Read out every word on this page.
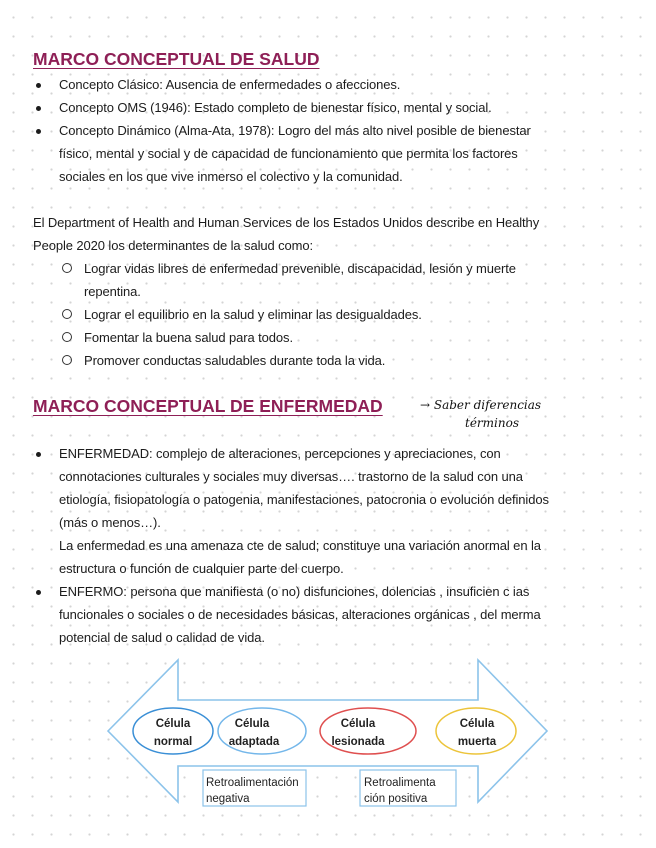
MARCO CONCEPTUAL DE SALUD
Concepto Clásico: Ausencia de enfermedades o afecciones.
Concepto OMS (1946): Estado completo de bienestar físico, mental y social.
Concepto Dinámico (Alma-Ata, 1978): Logro del más alto nivel posible de bienestar
físico, mental y social y de capacidad de funcionamiento que permita los factores
sociales en los que vive inmerso el colectivo y la comunidad.
El Department of Health and Human Services de los Estados Unidos describe en Healthy
People 2020 los determinantes de la salud como:
Lograr vidas libres de enfermedad prevenible, discapacidad, lesión y muerte
repentina.
Lograr el equilibrio en la salud y eliminar las desigualdades.
Fomentar la buena salud para todos.
Promover conductas saludables durante toda la vida.
MARCO CONCEPTUAL DE ENFERMEDAD	→ Saber diferencias
términos
ENFERMEDAD: complejo de alteraciones, percepciones y apreciaciones, con
connotaciones culturales y sociales muy diversas…. trastorno de la salud con una
etiología, fisiopatología o patogenia, manifestaciones, patocronia o evolución definidos
(más o menos…).
La enfermedad es una amenaza cte de salud; constituye una variación anormal en la
estructura o función de cualquier parte del cuerpo.
ENFERMO: persona que manifiesta (o no) disfunciones, dolencias , insuficien c ias
funcionales o sociales o de necesidades básicas, alteraciones orgánicas , del merma
potencial de salud o calidad de vida.
Célula
normal
Célula
adaptada
Célula
lesionada
Célula
muerta
Retroalimentación
negativa
Retroalimenta
ción positiva
